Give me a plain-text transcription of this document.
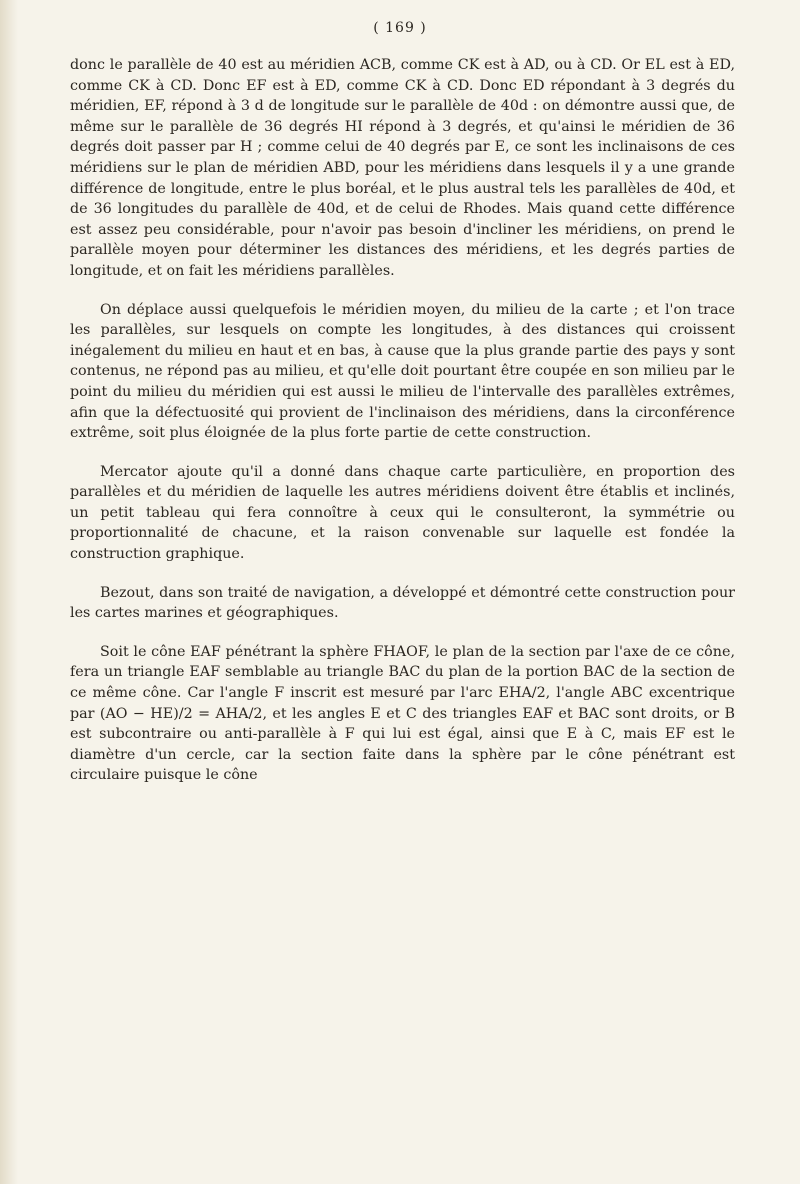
( 169 )

donc le parallèle de 40 est au méridien ACB, comme CK est à AD, ou à CD. Or EL est à ED, comme CK à CD. Donc EF est à ED, comme CK à CD. Donc ED répondant à 3 degrés du méridien, EF, répond à 3 d de longitude sur le parallèle de 40d : on démontre aussi que, de même sur le parallèle de 36 degrés HI répond à 3 degrés, et qu'ainsi le méridien de 36 degrés doit passer par H ; comme celui de 40 degrés par E, ce sont les inclinaisons de ces méridiens sur le plan de méridien ABD, pour les méridiens dans lesquels il y a une grande différence de longitude, entre le plus boréal, et le plus austral tels les parallèles de 40d, et de 36 longitudes du parallèle de 40d, et de celui de Rhodes. Mais quand cette différence est assez peu considérable, pour n'avoir pas besoin d'incliner les méridiens, on prend le parallèle moyen pour déterminer les distances des méridiens, et les degrés parties de longitude, et on fait les méridiens parallèles.

On déplace aussi quelquefois le méridien moyen, du milieu de la carte ; et l'on trace les parallèles, sur lesquels on compte les longitudes, à des distances qui croissent inégalement du milieu en haut et en bas, à cause que la plus grande partie des pays y sont contenus, ne répond pas au milieu, et qu'elle doit pourtant être coupée en son milieu par le point du milieu du méridien qui est aussi le milieu de l'intervalle des parallèles extrêmes, afin que la défectuosité qui provient de l'inclinaison des méridiens, dans la circonférence extrême, soit plus éloignée de la plus forte partie de cette construction.

Mercator ajoute qu'il a donné dans chaque carte particulière, en proportion des parallèles et du méridien de laquelle les autres méridiens doivent être établis et inclinés, un petit tableau qui fera connoître à ceux qui le consulteront, la symmétrie ou proportionnalité de chacune, et la raison convenable sur laquelle est fondée la construction graphique.

Bezout, dans son traité de navigation, a développé et démontré cette construction pour les cartes marines et géographiques.

Soit le cône EAF pénétrant la sphère FHAOF, le plan de la section par l'axe de ce cône, fera un triangle EAF semblable au triangle BAC du plan de la portion BAC de la section de ce même cône. Car l'angle F inscrit est mesuré par l'arc EHA/2, l'angle ABC excentrique par (AO − HE)/2 = AHA/2, et les angles E et C des triangles EAF et BAC sont droits, or B est subcontraire ou anti-parallèle à F qui lui est égal, ainsi que E à C, mais EF est le diamètre d'un cercle, car la section faite dans la sphère par le cône pénétrant est circulaire puisque le cône
